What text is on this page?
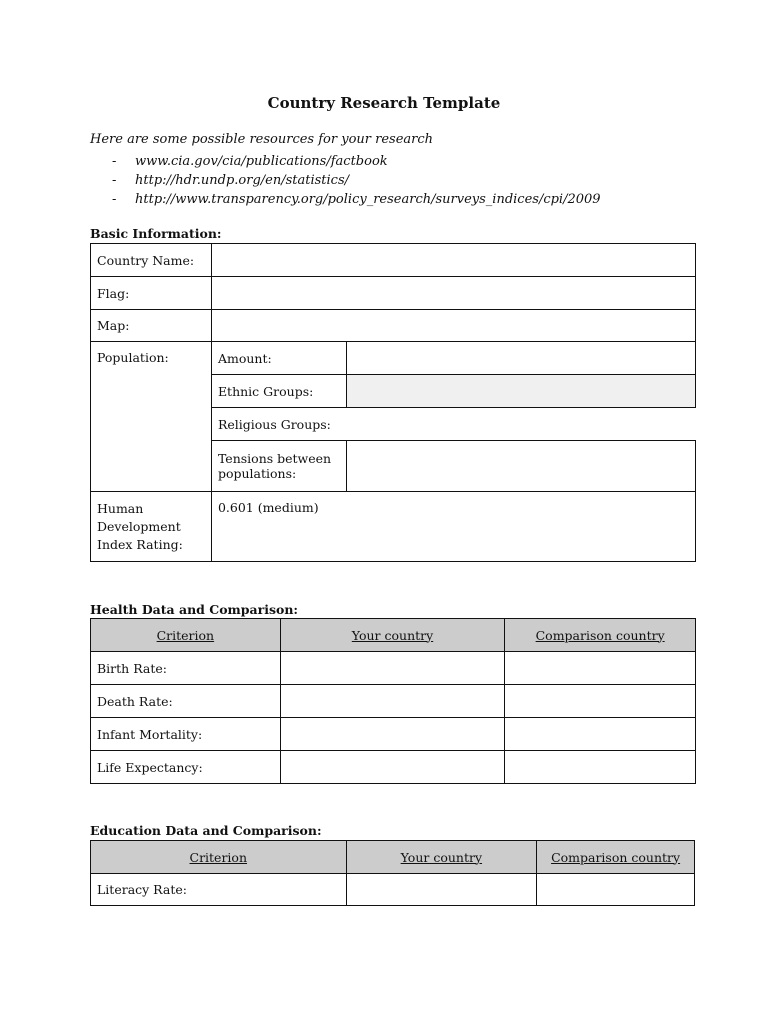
Country Research Template
Here are some possible resources for your research
- www.cia.gov/cia/publications/factbook
- http://hdr.undp.org/en/statistics/
- http://www.transparency.org/policy_research/surveys_indices/cpi/2009
Basic Information:
Country Name:		
Flag:		
Map:		
Population:	Amount:	
	Ethnic Groups:	
	Religious Groups:	
	Tensions between populations:	
Human Development Index Rating:	0.601 (medium)	
Health Data and Comparison:
Criterion	Your country	Comparison country
Birth Rate:		
Death Rate:		
Infant Mortality:		
Life Expectancy:		
Education Data and Comparison:
Criterion	Your country	Comparison country
Literacy Rate:		
